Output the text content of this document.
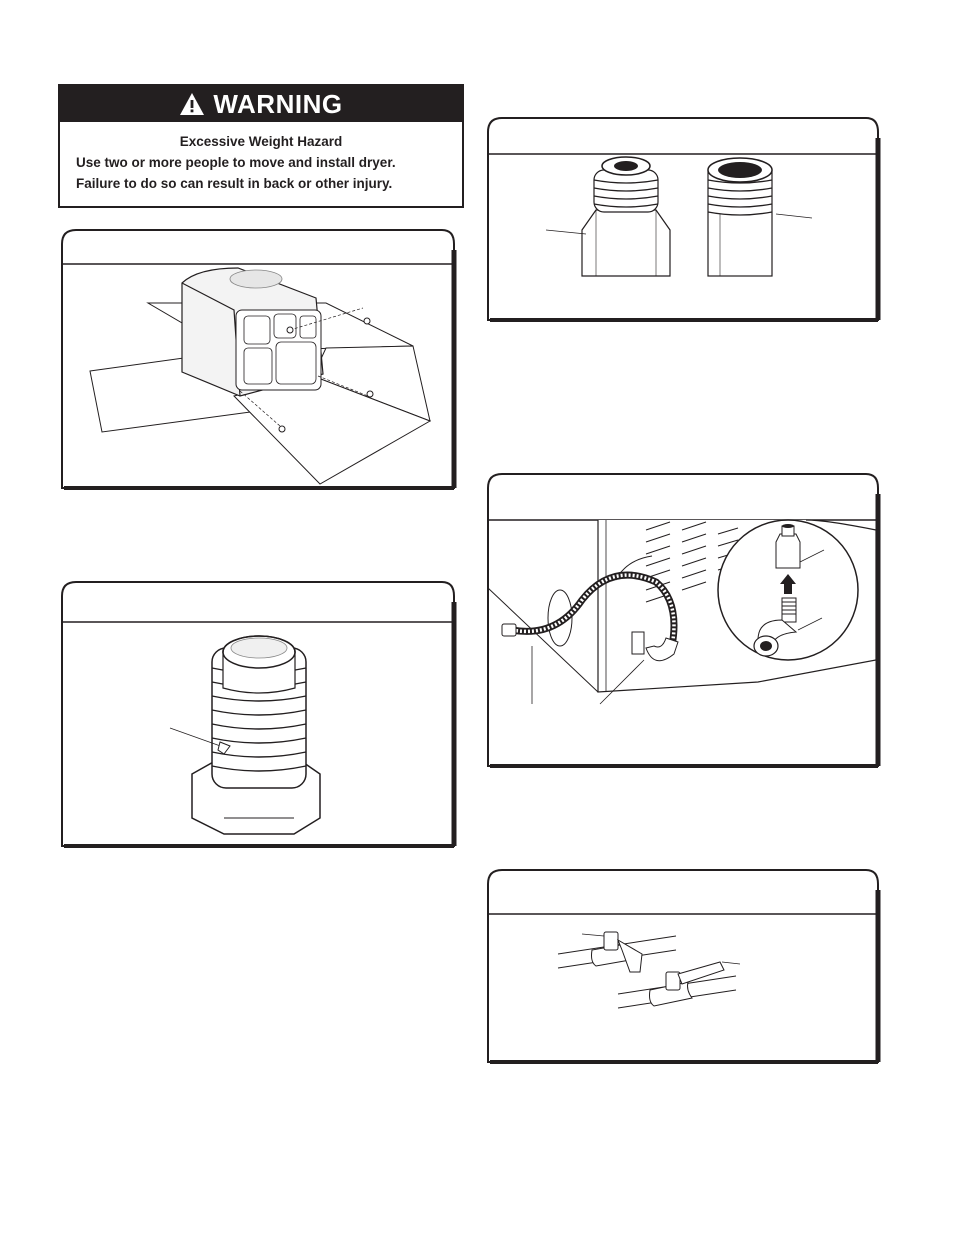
WARNING
Excessive Weight Hazard
Use two or more people to move and install dryer.
Failure to do so can result in back or other injury.
